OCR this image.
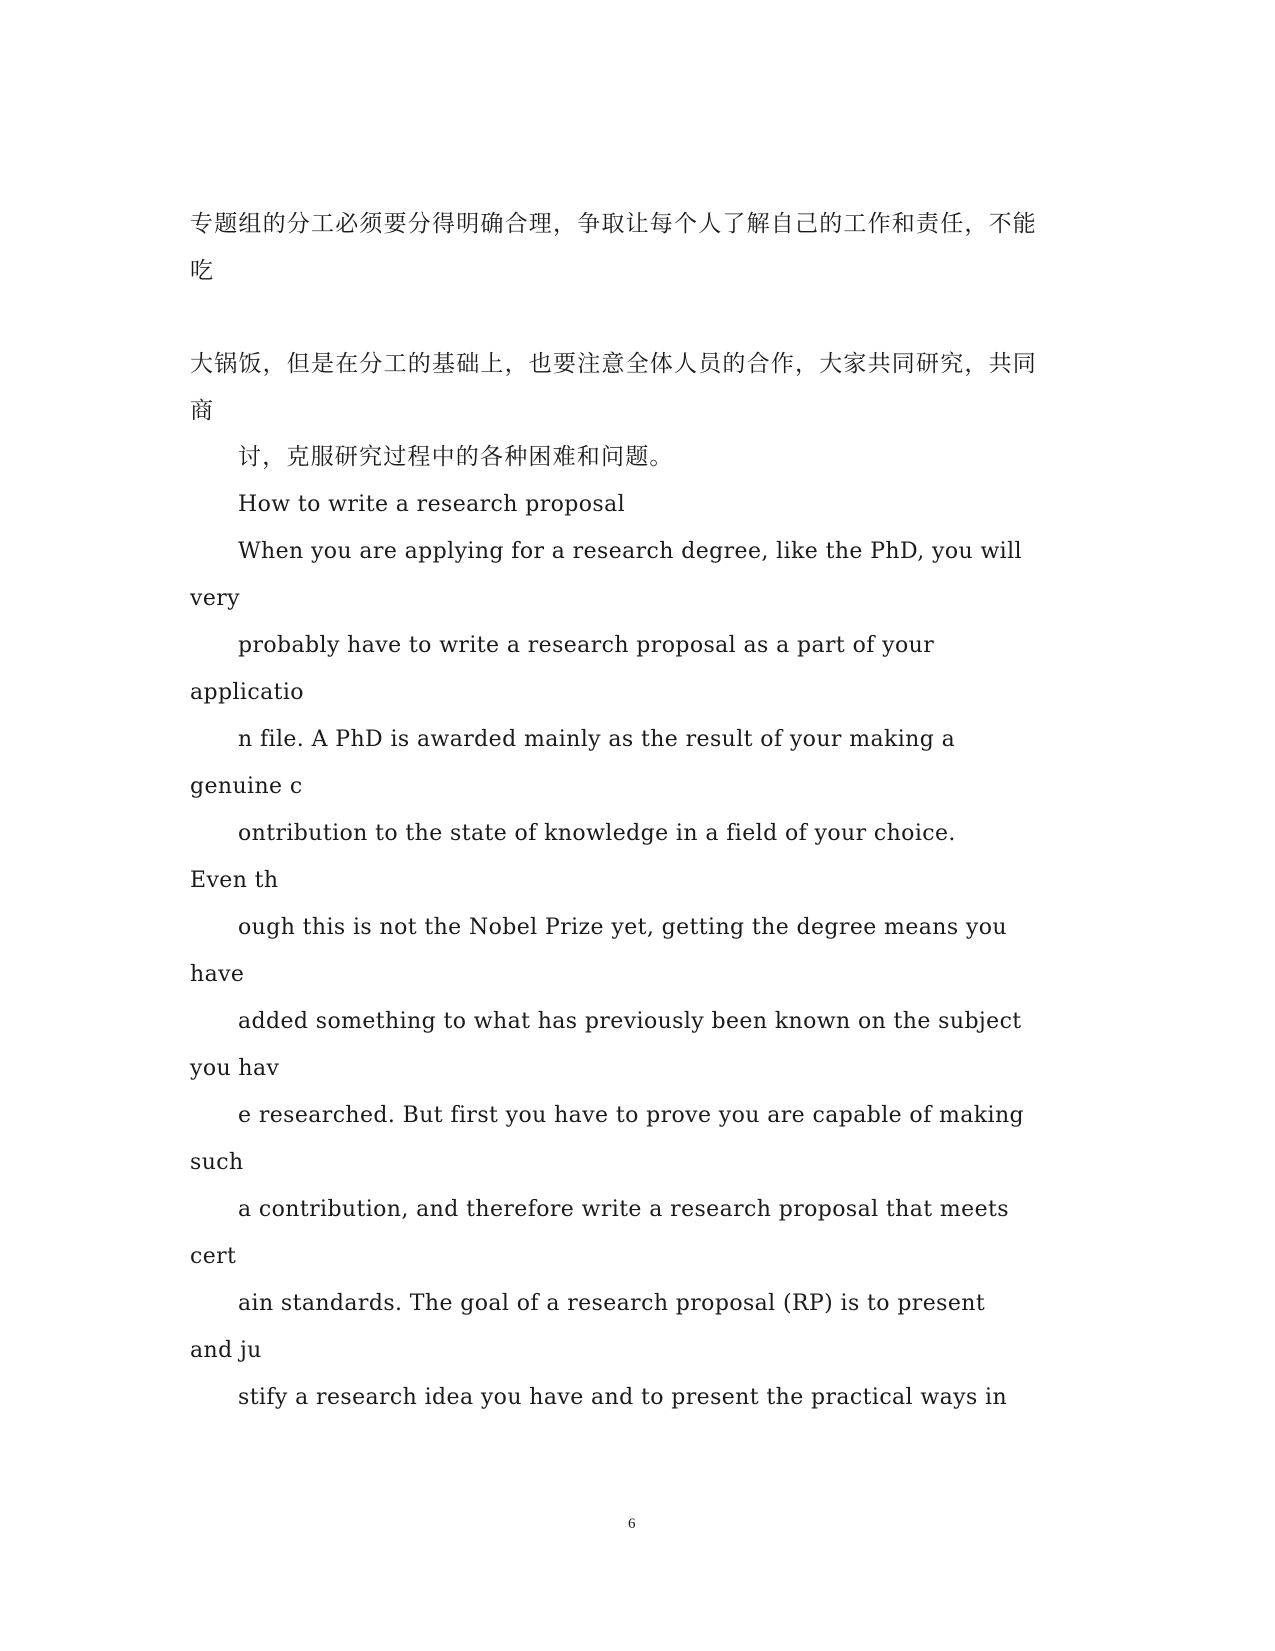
专题组的分工必须要分得明确合理，争取让每个人了解自己的工作和责任，不能
吃
大锅饭，但是在分工的基础上，也要注意全体人员的合作，大家共同研究，共同
商
讨，克服研究过程中的各种困难和问题。
How to write a research proposal
When you are applying for a research degree, like the PhD, you will
very
probably have to write a research proposal as a part of your
applicatio
n file. A PhD is awarded mainly as the result of your making a
genuine c
ontribution to the state of knowledge in a field of your choice.
Even th
ough this is not the Nobel Prize yet, getting the degree means you
have
added something to what has previously been known on the subject
you hav
e researched. But first you have to prove you are capable of making
such
a contribution, and therefore write a research proposal that meets
cert
ain standards. The goal of a research proposal (RP) is to present
and ju
stify a research idea you have and to present the practical ways in
6
